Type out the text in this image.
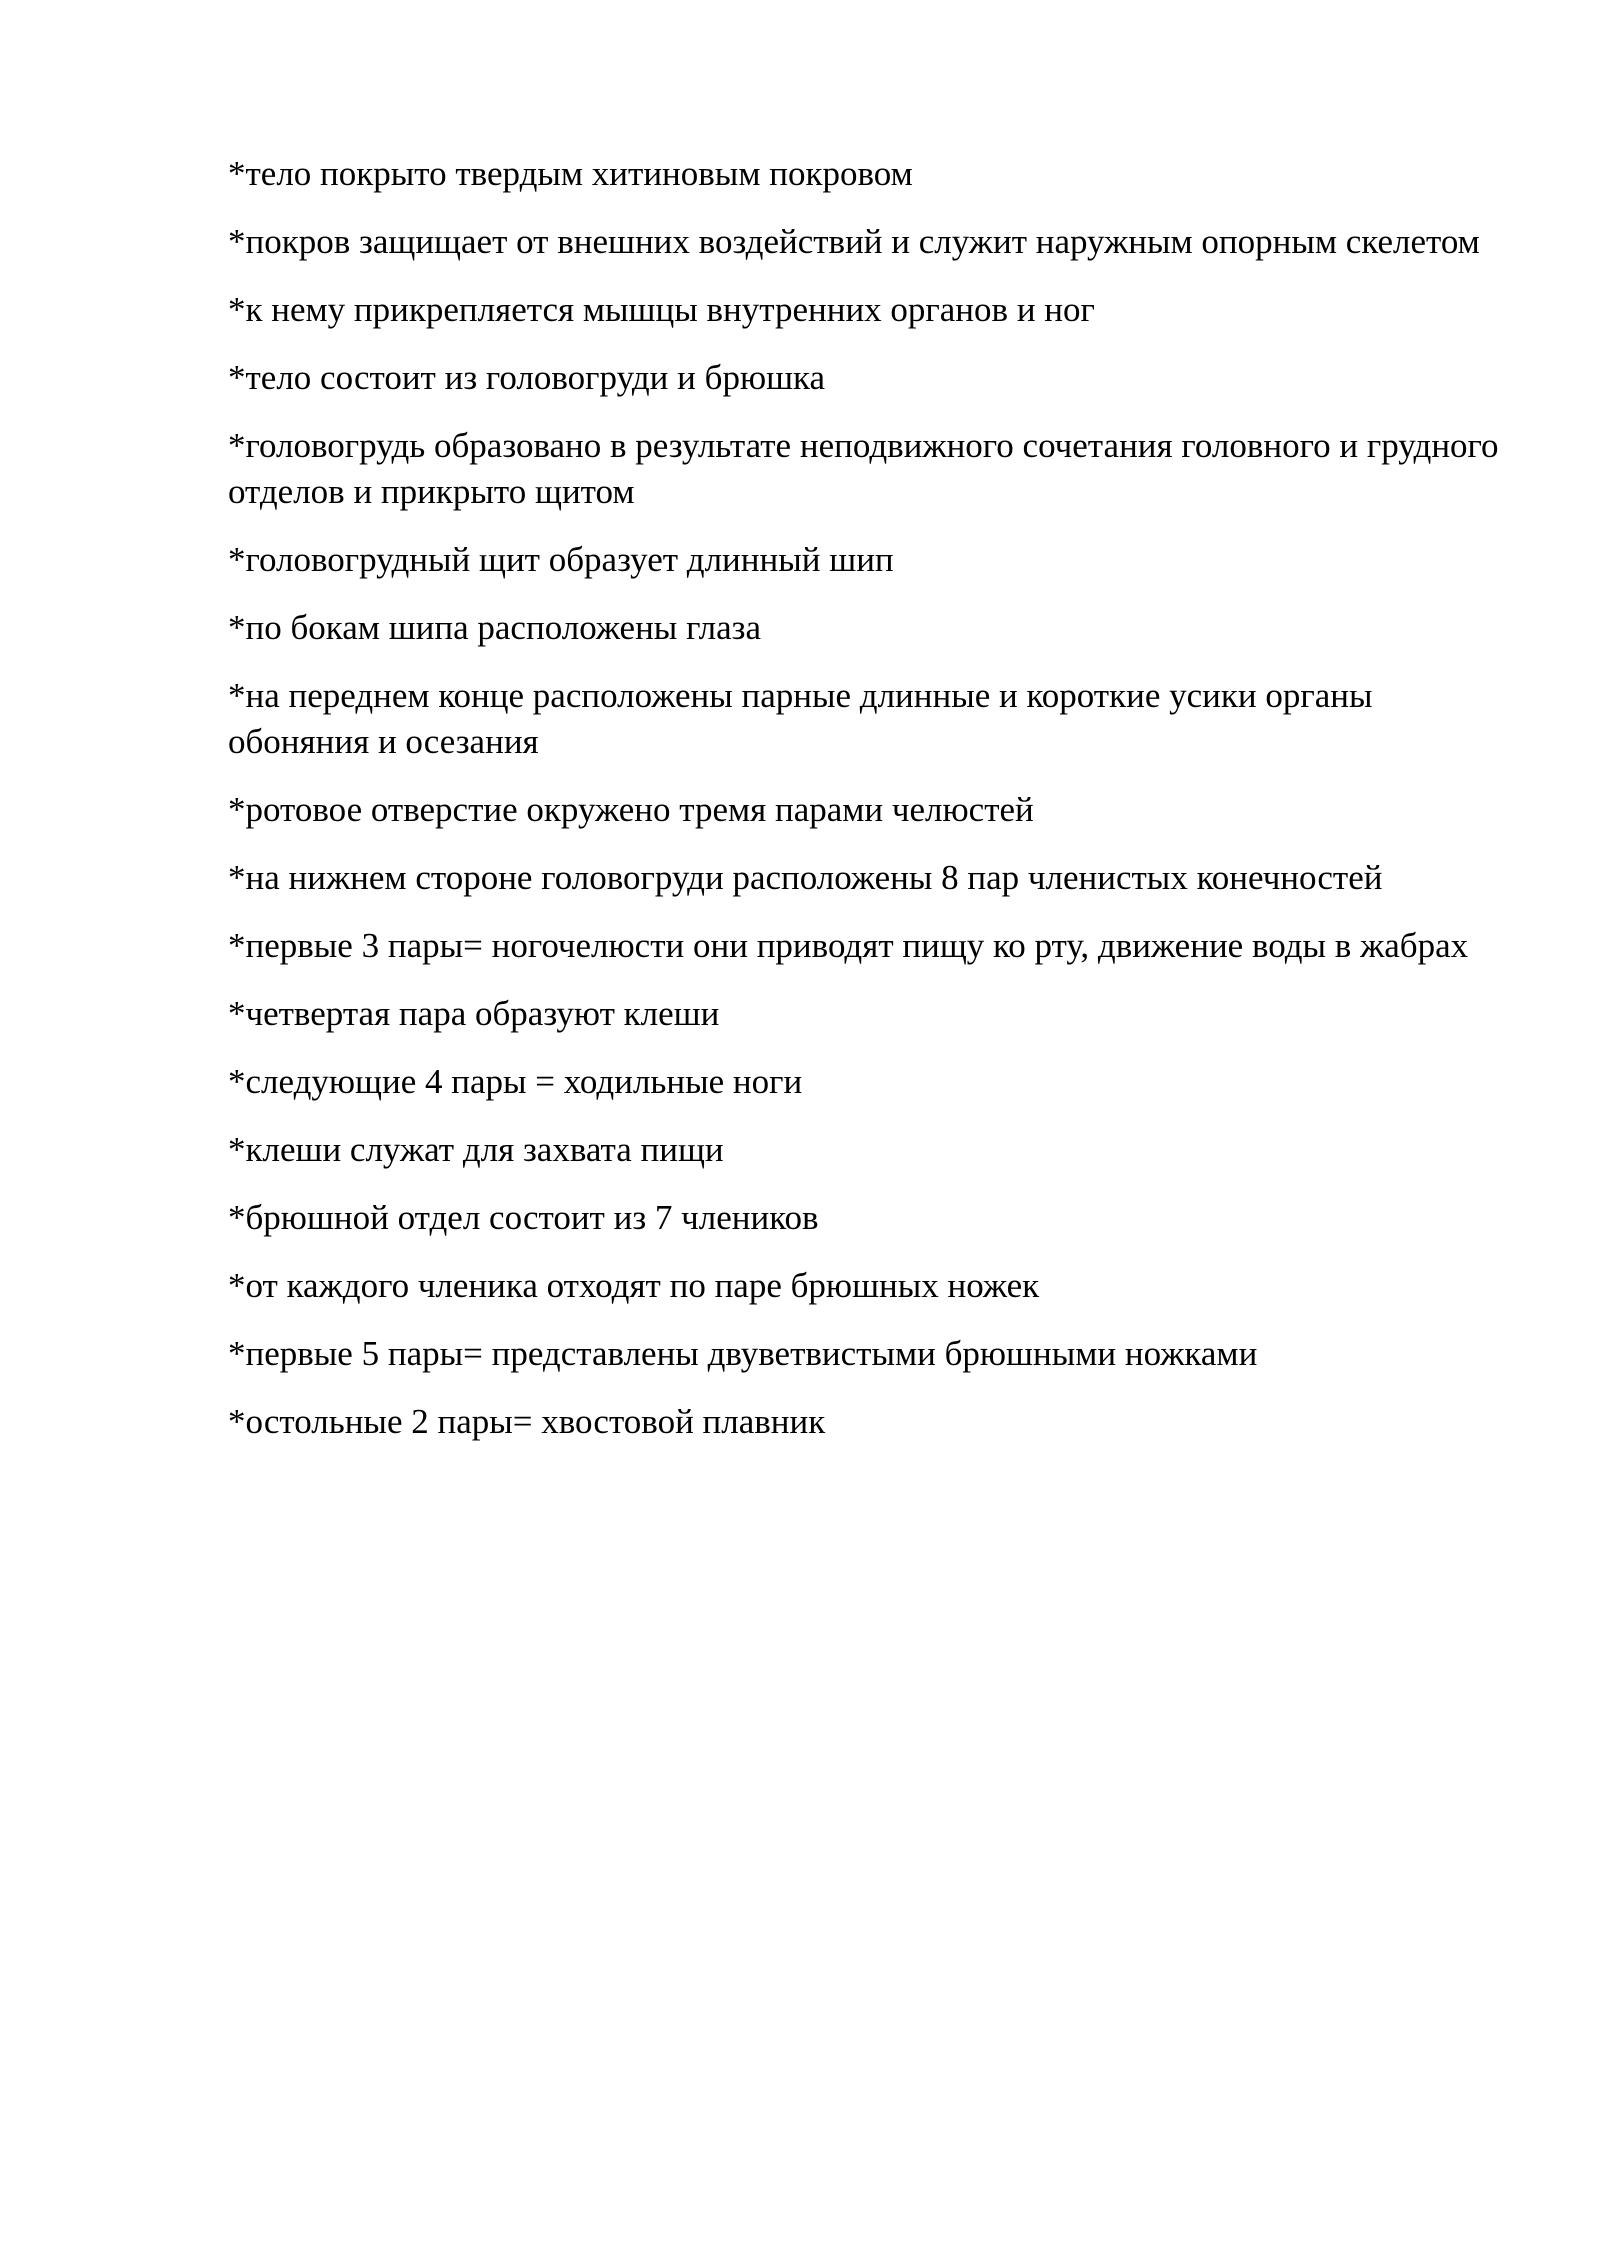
*тело покрыто твердым хитиновым покровом

*покров защищает от внешних воздействий и служит наружным опорным скелетом

*к нему прикрепляется мышцы внутренних органов и ног

*тело состоит из головогруди и брюшка

*головогрудь образовано в результате неподвижного сочетания головного и грудного отделов и прикрыто щитом

*головогрудный щит образует длинный шип

*по бокам шипа расположены глаза

*на переднем конце расположены парные длинные и короткие усики органы обоняния и осезания

*ротовое отверстие окружено тремя парами челюстей

*на нижнем стороне головогруди расположены 8 пар членистых конечностей

*первые 3 пары= ногочелюсти они приводят пищу ко рту, движение воды в жабрах

*четвертая пара образуют клеши

*следующие 4 пары = ходильные ноги

*клеши служат для захвата пищи

*брюшной отдел состоит из 7 члеников

*от каждого членика отходят по паре брюшных ножек

*первые 5 пары= представлены двуветвистыми брюшными ножками

*остольные 2 пары= хвостовой плавник
